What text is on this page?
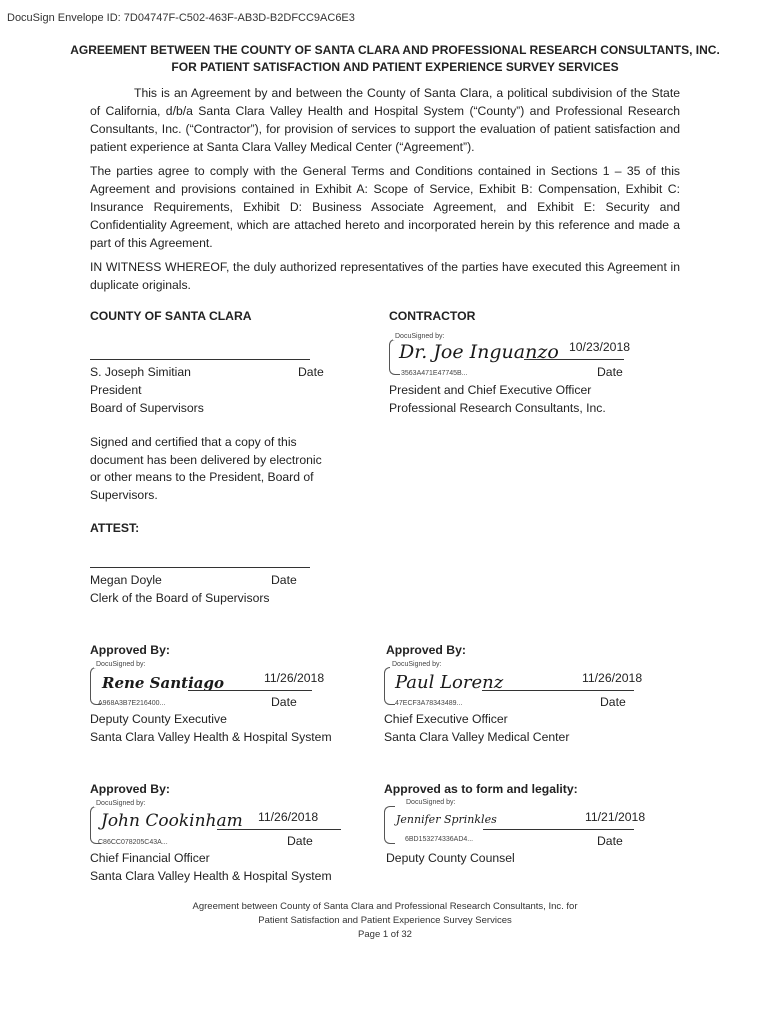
DocuSign Envelope ID: 7D04747F-C502-463F-AB3D-B2DFCC9AC6E3
AGREEMENT BETWEEN THE COUNTY OF SANTA CLARA AND PROFESSIONAL RESEARCH CONSULTANTS, INC.
FOR PATIENT SATISFACTION AND PATIENT EXPERIENCE SURVEY SERVICES
This is an Agreement by and between the County of Santa Clara, a political subdivision of the State of California, d/b/a Santa Clara Valley Health and Hospital System (“County”) and Professional Research Consultants, Inc. (“Contractor”), for provision of services to support the evaluation of patient satisfaction and patient experience at Santa Clara Valley Medical Center (“Agreement”).
The parties agree to comply with the General Terms and Conditions contained in Sections 1 – 35 of this Agreement and provisions contained in Exhibit A: Scope of Service, Exhibit B: Compensation, Exhibit C: Insurance Requirements, Exhibit D: Business Associate Agreement, and Exhibit E: Security and Confidentiality Agreement, which are attached hereto and incorporated herein by this reference and made a part of this Agreement.
IN WITNESS WHEREOF, the duly authorized representatives of the parties have executed this Agreement in duplicate originals.
COUNTY OF SANTA CLARA
S. Joseph Simitian	Date
President
Board of Supervisors
Signed and certified that a copy of this
document has been delivered by electronic
or other means to the President, Board of
Supervisors.
ATTEST:
Megan Doyle	Date
Clerk of the Board of Supervisors
CONTRACTOR
DocuSigned by:
Dr. Joe Inguanzo
3563A471E47745B...
10/23/2018
Date
President and Chief Executive Officer
Professional Research Consultants, Inc.
Approved By:
DocuSigned by:
Rene Santiago
A968A3B7E216400...
11/26/2018
Date
Deputy County Executive
Santa Clara Valley Health & Hospital System
Approved By:
DocuSigned by:
Paul Lorenz
47ECF3A78343489...
11/26/2018
Date
Chief Executive Officer
Santa Clara Valley Medical Center
Approved By:
DocuSigned by:
John Cookinham
C86CC078205C43A...
11/26/2018
Date
Chief Financial Officer
Santa Clara Valley Health & Hospital System
Approved as to form and legality:
DocuSigned by:
Jennifer Sprinkles
6BD153274336AD4...
11/21/2018
Date
Deputy County Counsel
Agreement between County of Santa Clara and Professional Research Consultants, Inc. for
Patient Satisfaction and Patient Experience Survey Services
Page 1 of 32
